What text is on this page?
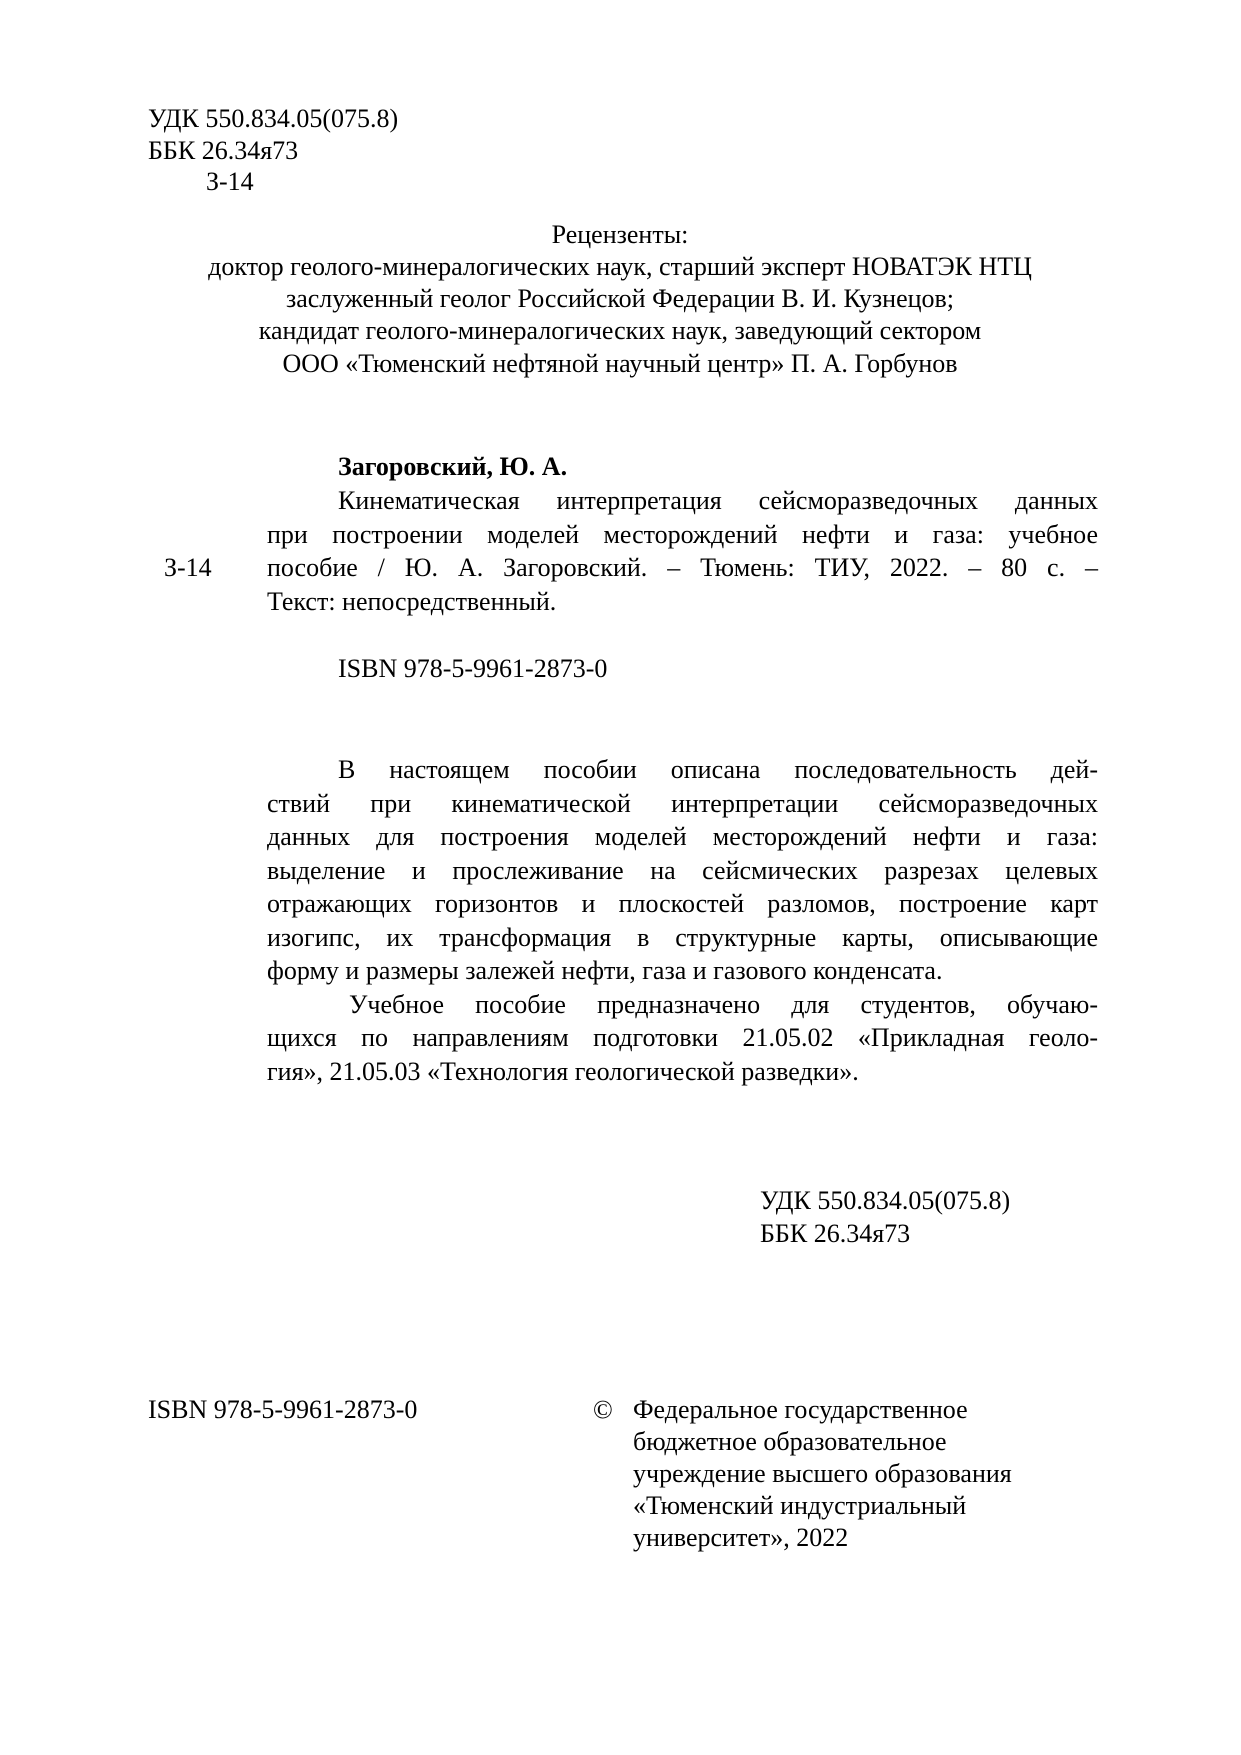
УДК 550.834.05(075.8)
ББК 26.34я73
З-14
Рецензенты:
доктор геолого-минералогических наук, старший эксперт НОВАТЭК НТЦ
заслуженный геолог Российской Федерации В. И. Кузнецов;
кандидат геолого-минералогических наук, заведующий сектором
ООО «Тюменский нефтяной научный центр» П. А. Горбунов
Загоровский, Ю. А.
З-14
Кинематическая интерпретация сейсморазведочных данных
при построении моделей месторождений нефти и газа: учебное
пособие / Ю. А. Загоровский. – Тюмень: ТИУ, 2022. – 80 с. –
Текст: непосредственный.
ISBN 978-5-9961-2873-0
В настоящем пособии описана последовательность дей-
ствий при кинематической интерпретации сейсморазведочных
данных для построения моделей месторождений нефти и газа:
выделение и прослеживание на сейсмических разрезах целевых
отражающих горизонтов и плоскостей разломов, построение карт
изогипс, их трансформация в структурные карты, описывающие
форму и размеры залежей нефти, газа и газового конденсата.
Учебное пособие предназначено для студентов, обучаю-
щихся по направлениям подготовки 21.05.02 «Прикладная геоло-
гия», 21.05.03 «Технология геологической разведки».
УДК 550.834.05(075.8)
ББК 26.34я73
ISBN 978-5-9961-2873-0	© Федеральное государственное
бюджетное образовательное
учреждение высшего образования
«Тюменский индустриальный
университет», 2022
